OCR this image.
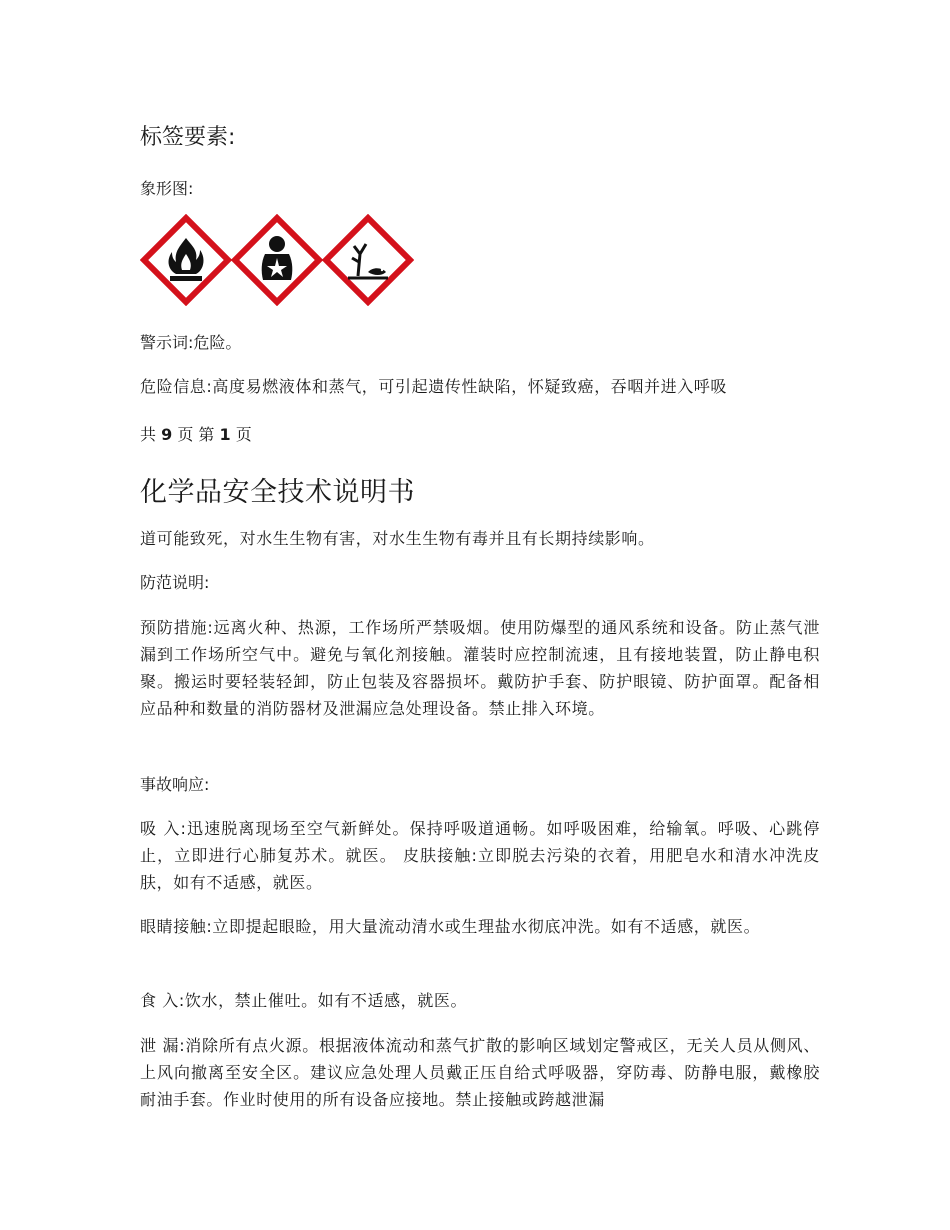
标签要素:
象形图:
警示词:危险。
危险信息:高度易燃液体和蒸气，可引起遗传性缺陷，怀疑致癌，吞咽并进入呼吸
共 9 页 第 1 页
化学品安全技术说明书
道可能致死，对水生生物有害，对水生生物有毒并且有长期持续影响。
防范说明:
预防措施:远离火种、热源，工作场所严禁吸烟。使用防爆型的通风系统和设备。防止蒸气泄漏到工作场所空气中。避免与氧化剂接触。灌装时应控制流速，且有接地装置，防止静电积聚。搬运时要轻装轻卸，防止包装及容器损坏。戴防护手套、防护眼镜、防护面罩。配备相应品种和数量的消防器材及泄漏应急处理设备。禁止排入环境。
事故响应:
吸 入:迅速脱离现场至空气新鲜处。保持呼吸道通畅。如呼吸困难，给输氧。呼吸、心跳停止，立即进行心肺复苏术。就医。 皮肤接触:立即脱去污染的衣着，用肥皂水和清水冲洗皮肤，如有不适感，就医。
眼睛接触:立即提起眼睑，用大量流动清水或生理盐水彻底冲洗。如有不适感，就医。
食 入:饮水，禁止催吐。如有不适感，就医。
泄 漏:消除所有点火源。根据液体流动和蒸气扩散的影响区域划定警戒区，无关人员从侧风、上风向撤离至安全区。建议应急处理人员戴正压自给式呼吸器，穿防毒、防静电服，戴橡胶耐油手套。作业时使用的所有设备应接地。禁止接触或跨越泄漏
